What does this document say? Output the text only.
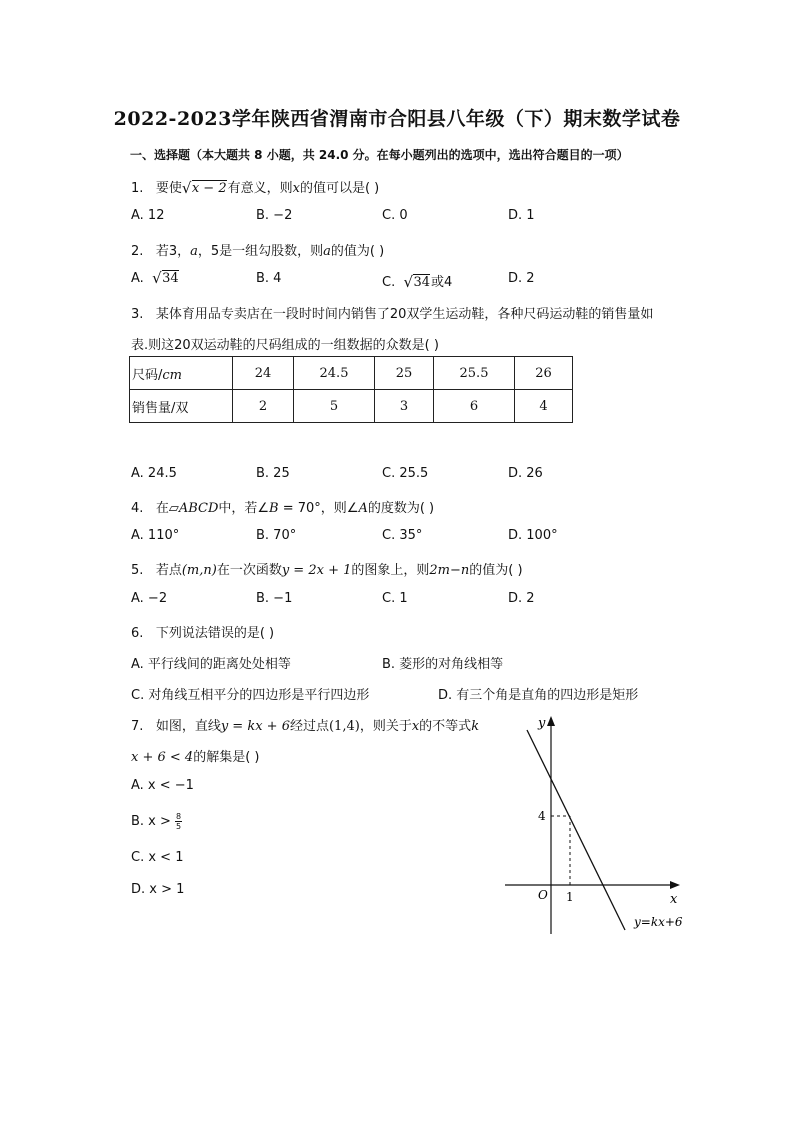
2022-2023学年陕西省渭南市合阳县八年级（下）期末数学试卷
一、选择题（本大题共 8 小题，共 24.0 分。在每小题列出的选项中，选出符合题目的一项）
1. 要使 √ x − 2有意义，则x的值可以是( )
A. 12	B. −2	C. 0	D. 1
2. 若3，a，5是一组勾股数，则a的值为( )
A. √ 34	B. 4	C. √ 34或4	D. 2
3. 某体育用品专卖店在一段时时间内销售了20双学生运动鞋，各种尺码运动鞋的销售量如
表.则这20双运动鞋的尺码组成的一组数据的众数是( )
尺码/cm	24	24.5	25	25.5	26
销售量/双	2	5	3	6	4
A. 24.5	B. 25	C. 25.5	D. 26
4. 在▱ABCD中，若∠B = 70°，则∠A的度数为( )
A. 110°	B. 70°	C. 35°	D. 100°
5. 若点(m,n)在一次函数y = 2x + 1的图象上，则2m−n的值为( )
A. −2	B. −1	C. 1	D. 2
6. 下列说法错误的是( )
A. 平行线间的距离处处相等	B. 菱形的对角线相等
C. 对角线互相平分的四边形是平行四边形	D. 有三个角是直角的四边形是矩形
7. 如图，直线y = kx + 6经过点(1,4)，则关于x的不等式k
x + 6 < 4的解集是( )
A. x < −1
B. $x > \frac{8}{5}$
C. x < 1
D. x > 1
y
x
O 1
4
y=kx+6
